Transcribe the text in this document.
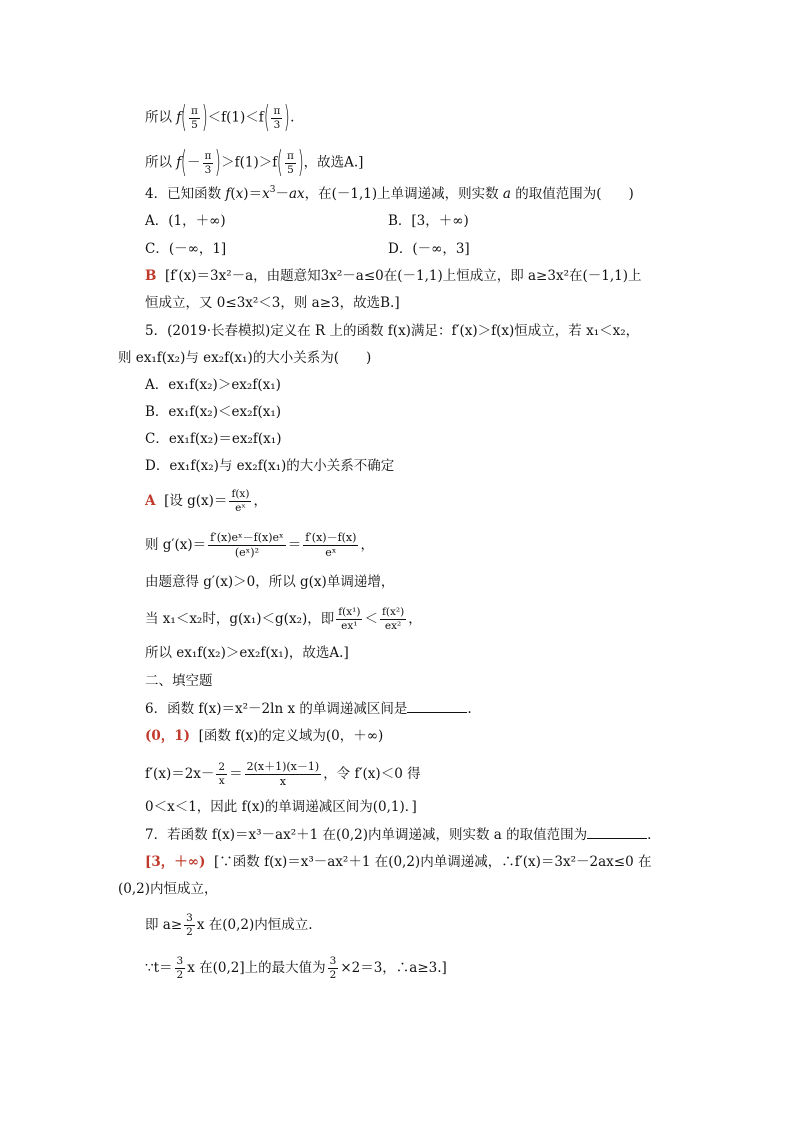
所以 $f( \frac{\pi}{5} )<f(1)<f( \frac{\pi}{3}$ ).
所以 $f(- \frac{\pi}{3} )>f(1)>f( \frac{\pi}{5}$ )，故选A.]
4．已知函数 $f(x)=x^3-ax$，在(－1,1)上单调递减，则实数 a 的取值范围为(　　)
A．(1，＋∞)	B．[3，＋∞)
C．(－∞，1]	D．(－∞，3]
B [f′(x)＝3x²－a，由题意知3x²－a≤0在(－1,1)上恒成立，即 a≥3x²在(－1,1)上
恒成立，又 0≤3x²＜3，则 a≥3，故选B.]
5．(2019·长春模拟)定义在 R 上的函数 f(x)满足：f′(x)＞f(x)恒成立，若 x₁＜x₂，
则 ex₁f(x₂)与 ex₂f(x₁)的大小关系为(　　)
A．ex₁f(x₂)＞ex₂f(x₁)
B．ex₁f(x₂)＜ex₂f(x₁)
C．ex₁f(x₂)＝ex₂f(x₁)
D．ex₁f(x₂)与 ex₂f(x₁)的大小关系不确定
A [设 $g(x)= \frac{f(x)}{\text{eˣ}}$ ，
则 $g'(x)= \frac{\text{f′(x)eˣ－f(x)eˣ}}{\text{(eˣ)²}} = \frac{f'(x)-f(x)}{\text{eˣ}}$ ，
由题意得 g′(x)＞0，所以 g(x)单调递增，
当 x₁＜x₂时，g(x₁)＜g(x₂)，即 $\frac{\text{f(x¹)}}{\text{ex¹}} < \frac{\text{f(x²)}}{\text{ex²}}$ ，
所以 ex₁f(x₂)＞ex₂f(x₁)，故选A.]
二、填空题
6．函数 f(x)＝x²－2ln x 的单调递减区间是	.
(0，1) [函数 f(x)的定义域为(0，＋∞)
$f'(x)=2x- \frac{2}{x} = \frac{2(x+1)(x-1)}{x}$ ，令 f′(x)＜0 得
0＜x＜1，因此 f(x)的单调递减区间为(0,1)．]
7．若函数 f(x)＝x³－ax²＋1 在(0,2)内单调递减，则实数 a 的取值范围为	.
[3，＋∞) [∵函数 f(x)＝x³－ax²＋1 在(0,2)内单调递减，∴f′(x)＝3x²－2ax≤0 在
(0,2)内恒成立，
即 $a\ge \frac{3}{2}$ x 在(0,2)内恒成立.
∵t＝ $\frac{3}{2}$ x 在(0,2]上的最大值为 $\frac{3}{2} \times 2=3$，∴a≥3.]
